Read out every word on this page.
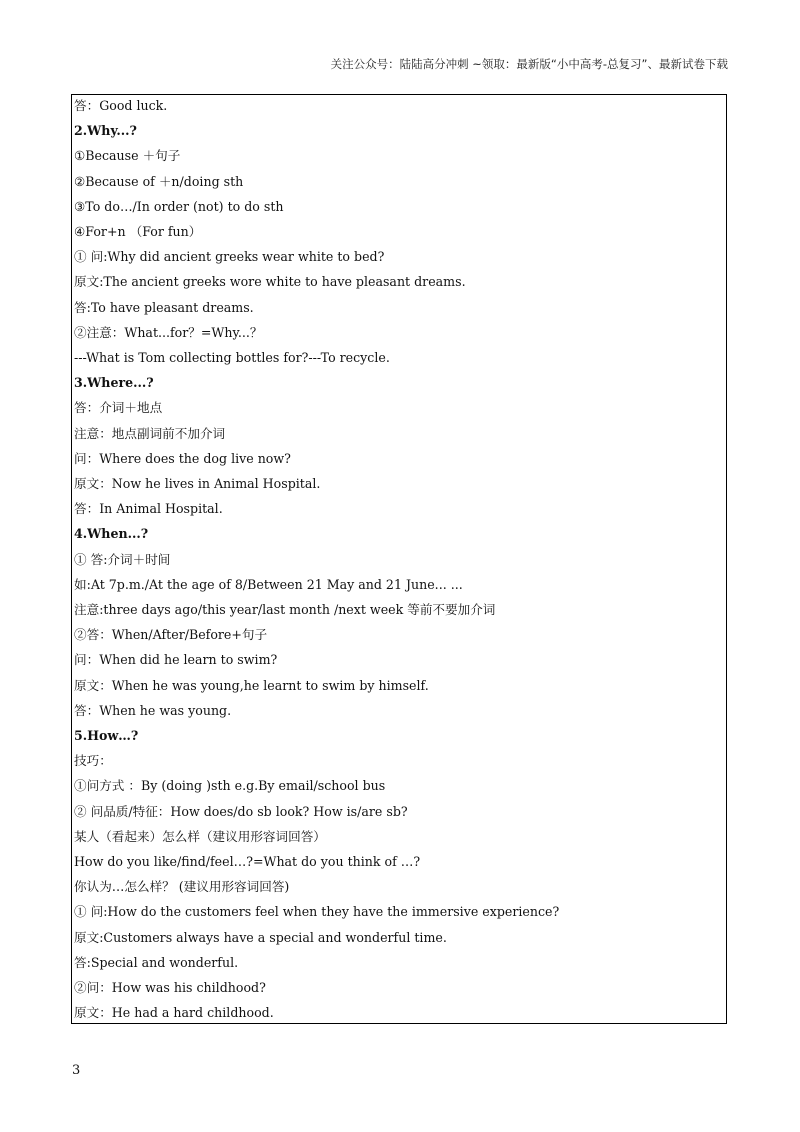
关注公众号：陆陆高分冲刺 ~领取：最新版“小中高考-总复习”、最新试卷下载
答：Good luck.
2.Why...?
①Because ＋句子
②Because of ＋n/doing sth
③To do…/In order (not) to do sth
④For+n （For fun）
① 问:Why did ancient greeks wear white to bed?
原文:The ancient greeks wore white to have pleasant dreams.
答:To have pleasant dreams.
②注意：What...for？=Why...？
---What is Tom collecting bottles for?---To recycle.
3.Where...?
答：介词＋地点
注意：地点副词前不加介词
问：Where does the dog live now?
原文：Now he lives in Animal Hospital.
答：In Animal Hospital.
4.When...?
① 答:介词＋时间
如:At 7p.m./At the age of 8/Between 21 May and 21 June... ...
注意:three days ago/this year/last month /next week 等前不要加介词
②答：When/After/Before+句子
问：When did he learn to swim?
原文：When he was young,he learnt to swim by himself.
答：When he was young.
5.How…?
技巧：
①问方式 ：By (doing )sth e.g.By email/school bus
② 问品质/特征：How does/do sb look? How is/are sb?
某人（看起来）怎么样（建议用形容词回答）
How do you like/find/feel…?=What do you think of …?
你认为…怎么样？ (建议用形容词回答)
① 问:How do the customers feel when they have the immersive experience?
原文:Customers always have a special and wonderful time.
答:Special and wonderful.
②问：How was his childhood?
原文：He had a hard childhood.
3
